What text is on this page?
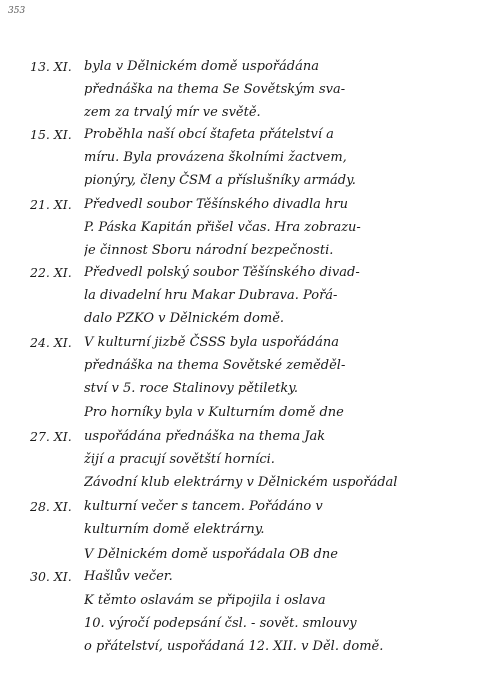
353
13. XI. byla v Dělnickém domě uspořádána
přednáška na thema Se Sovětským sva-
zem za trvalý mír ve světě.
15. XI. Proběhla naší obcí štafeta přátelství a
míru. Byla provázena školními žactvem,
pionýry, členy ČSM a příslušníky armády.
21. XI. Předvedl soubor Těšínského divadla hru
P. Páska Kapitán přišel včas. Hra zobrazu-
je činnost Sboru národní bezpečnosti.
22. XI. Předvedl polský soubor Těšínského divad-
la divadelní hru Makar Dubrava. Pořá-
dalo PZKO v Dělnickém domě.
24. XI. V kulturní jizbě ČSSS byla uspořádána
přednáška na thema Sovětské zeměděl-
ství v 5. roce Stalinovy pětiletky.
Pro horníky byla v Kulturním domě dne
27. XI. uspořádána přednáška na thema Jak
žijí a pracují sovětští horníci.
Závodní klub elektrárny v Dělnickém uspořádal
28. XI. kulturní večer s tancem. Pořádáno v
kulturním domě elektrárny.
V Dělnickém domě uspořádala OB dne
30. XI. Hašlův večer.
K těmto oslavám se připojila i oslava
10. výročí podepsání čsl. - sovět. smlouvy
o přátelství, uspořádaná 12. XII. v Děl. domě.
